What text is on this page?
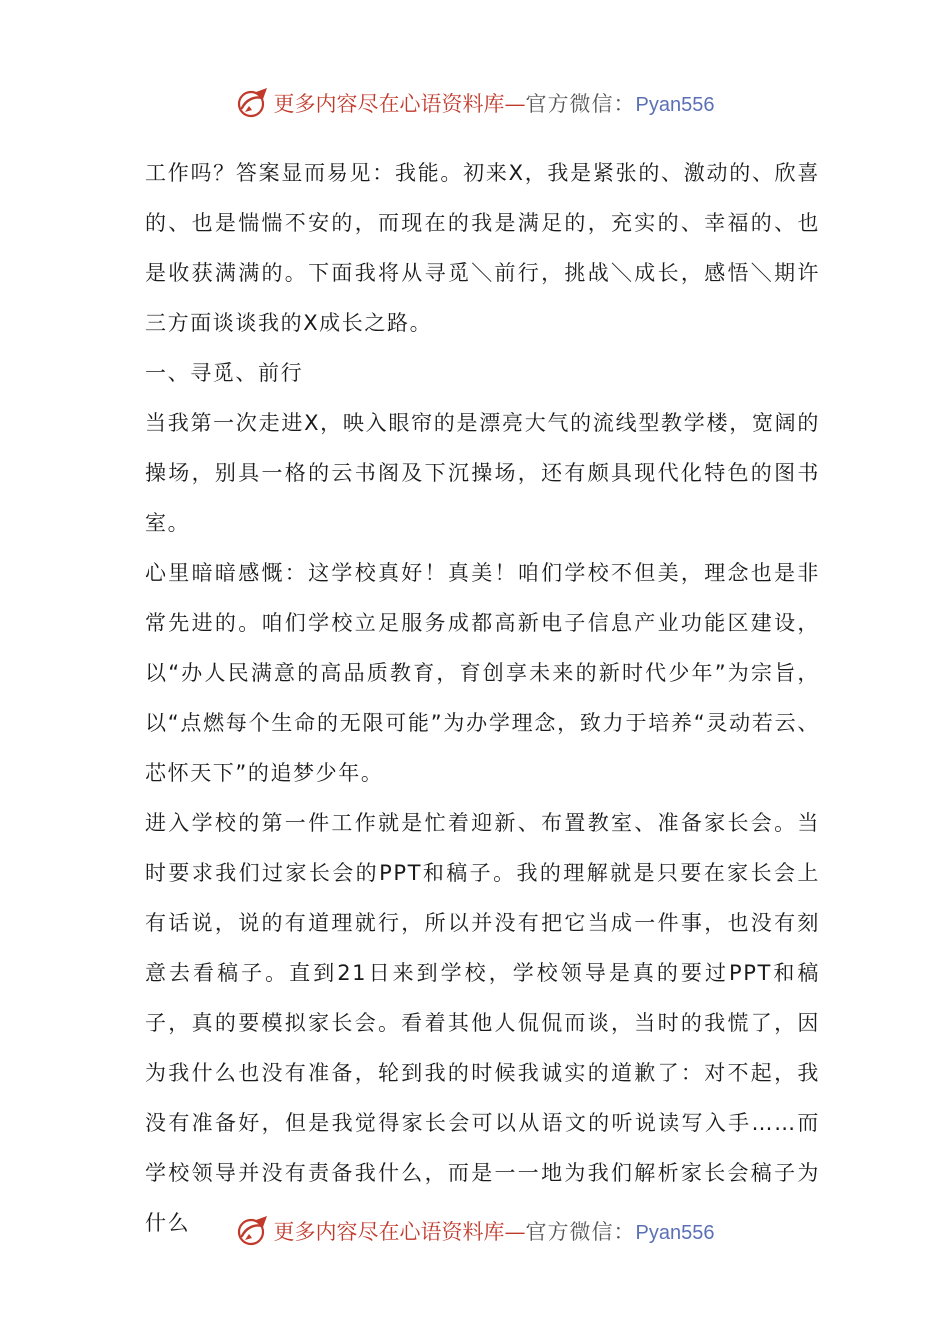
更多内容尽在心语资料库—官方微信：Pyan556

工作吗？答案显而易见：我能。初来X，我是紧张的、激动的、欣喜的、也是惴惴不安的，而现在的我是满足的，充实的、幸福的、也是收获满满的。下面我将从寻觅＼前行，挑战＼成长，感悟＼期许三方面谈谈我的X成长之路。

一、寻觅、前行

当我第一次走进X，映入眼帘的是漂亮大气的流线型教学楼，宽阔的操场，别具一格的云书阁及下沉操场，还有颇具现代化特色的图书室。

心里暗暗感慨：这学校真好！真美！咱们学校不但美，理念也是非常先进的。咱们学校立足服务成都高新电子信息产业功能区建设，以“办人民满意的高品质教育，育创享未来的新时代少年”为宗旨，以“点燃每个生命的无限可能”为办学理念，致力于培养“灵动若云、芯怀天下”的追梦少年。

进入学校的第一件工作就是忙着迎新、布置教室、准备家长会。当时要求我们过家长会的PPT和稿子。我的理解就是只要在家长会上有话说，说的有道理就行，所以并没有把它当成一件事，也没有刻意去看稿子。直到21日来到学校，学校领导是真的要过PPT和稿子，真的要模拟家长会。看着其他人侃侃而谈，当时的我慌了，因为我什么也没有准备，轮到我的时候我诚实的道歉了：对不起，我没有准备好，但是我觉得家长会可以从语文的听说读写入手……而学校领导并没有责备我什么，而是一一地为我们解析家长会稿子为什么	更多内容尽在心语资料库—官方微信：Pyan556
